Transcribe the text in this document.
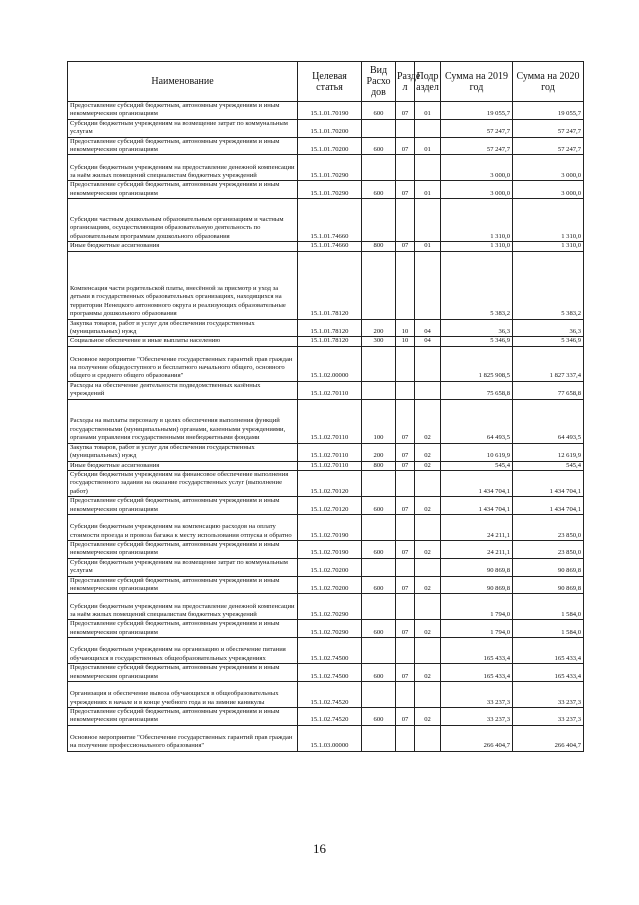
Наименование	Целевая статья	Вид Расхо дов	Разде л	Подр аздел	Сумма на 2019 год	Сумма на 2020 год
Предоставление субсидий бюджетным, автономным учреждениям и иным некоммерческим организациям	15.1.01.70190	600	07	01	19 055,7	19 055,7
Субсидии бюджетным учреждениям на возмещение затрат по коммунальным услугам	15.1.01.70200				57 247,7	57 247,7
Предоставление субсидий бюджетным, автономным учреждениям и иным некоммерческим организациям	15.1.01.70200	600	07	01	57 247,7	57 247,7
Субсидии бюджетным учреждениям на предоставление денежной компенсации за наём жилых помещений специалистам бюджетных учреждений	15.1.01.70290				3 000,0	3 000,0
Предоставление субсидий бюджетным, автономным учреждениям и иным некоммерческим организациям	15.1.01.70290	600	07	01	3 000,0	3 000,0
Субсидии частным дошкольным образовательным организациям и частным организациям, осуществляющим образовательную деятельность по образовательным программам дошкольного образования	15.1.01.74660				1 310,0	1 310,0
Иные бюджетные ассигнования	15.1.01.74660	800	07	01	1 310,0	1 310,0
Компенсация части родительской платы, внесённой за присмотр и уход за детьми в государственных образовательных организациях, находящихся на территории Ненецкого автономного округа и реализующих образовательные программы дошкольного образования	15.1.01.78120				5 383,2	5 383,2
Закупка товаров, работ и услуг для обеспечения государственных (муниципальных) нужд	15.1.01.78120	200	10	04	36,3	36,3
Социальное обеспечение и иные выплаты населению	15.1.01.78120	300	10	04	5 346,9	5 346,9
Основное мероприятие "Обеспечение государственных гарантий прав граждан на получение общедоступного и бесплатного начального общего, основного общего и среднего общего образования"	15.1.02.00000				1 825 908,5	1 827 337,4
Расходы на обеспечение деятельности подведомственных казённых учреждений	15.1.02.70110				75 658,8	77 658,8
Расходы на выплаты персоналу в целях обеспечения выполнения функций государственными (муниципальными) органами, казенными учреждениями, органами управления государственными внебюджетными фондами	15.1.02.70110	100	07	02	64 493,5	64 493,5
Закупка товаров, работ и услуг для обеспечения государственных (муниципальных) нужд	15.1.02.70110	200	07	02	10 619,9	12 619,9
Иные бюджетные ассигнования	15.1.02.70110	800	07	02	545,4	545,4
Субсидии бюджетным учреждениям на финансовое обеспечение выполнения государственного задания на оказание государственных услуг (выполнение работ)	15.1.02.70120				1 434 704,1	1 434 704,1
Предоставление субсидий бюджетным, автономным учреждениям и иным некоммерческим организациям	15.1.02.70120	600	07	02	1 434 704,1	1 434 704,1
Субсидии бюджетным учреждениям на компенсацию расходов на оплату стоимости проезда и провоза багажа к месту использования отпуска и обратно	15.1.02.70190				24 211,1	23 850,0
Предоставление субсидий бюджетным, автономным учреждениям и иным некоммерческим организациям	15.1.02.70190	600	07	02	24 211,1	23 850,0
Субсидии бюджетным учреждениям на возмещение затрат по коммунальным услугам	15.1.02.70200				90 869,8	90 869,8
Предоставление субсидий бюджетным, автономным учреждениям и иным некоммерческим организациям	15.1.02.70200	600	07	02	90 869,8	90 869,8
Субсидии бюджетным учреждениям на предоставление денежной компенсации за наём жилых помещений специалистам бюджетных учреждений	15.1.02.70290				1 794,0	1 584,0
Предоставление субсидий бюджетным, автономным учреждениям и иным некоммерческим организациям	15.1.02.70290	600	07	02	1 794,0	1 584,0
Субсидии бюджетным учреждениям на организацию и обеспечение питания обучающихся в государственных общеобразовательных учреждениях	15.1.02.74500				165 433,4	165 433,4
Предоставление субсидий бюджетным, автономным учреждениям и иным некоммерческим организациям	15.1.02.74500	600	07	02	165 433,4	165 433,4
Организация и обеспечение вывоза обучающихся в общеобразовательных учреждениях в начале и в конце учебного года и на зимние каникулы	15.1.02.74520				33 237,3	33 237,3
Предоставление субсидий бюджетным, автономным учреждениям и иным некоммерческим организациям	15.1.02.74520	600	07	02	33 237,3	33 237,3
Основное мероприятие "Обеспечение государственных гарантий прав граждан на получение профессионального образования"	15.1.03.00000				266 404,7	266 404,7
16
